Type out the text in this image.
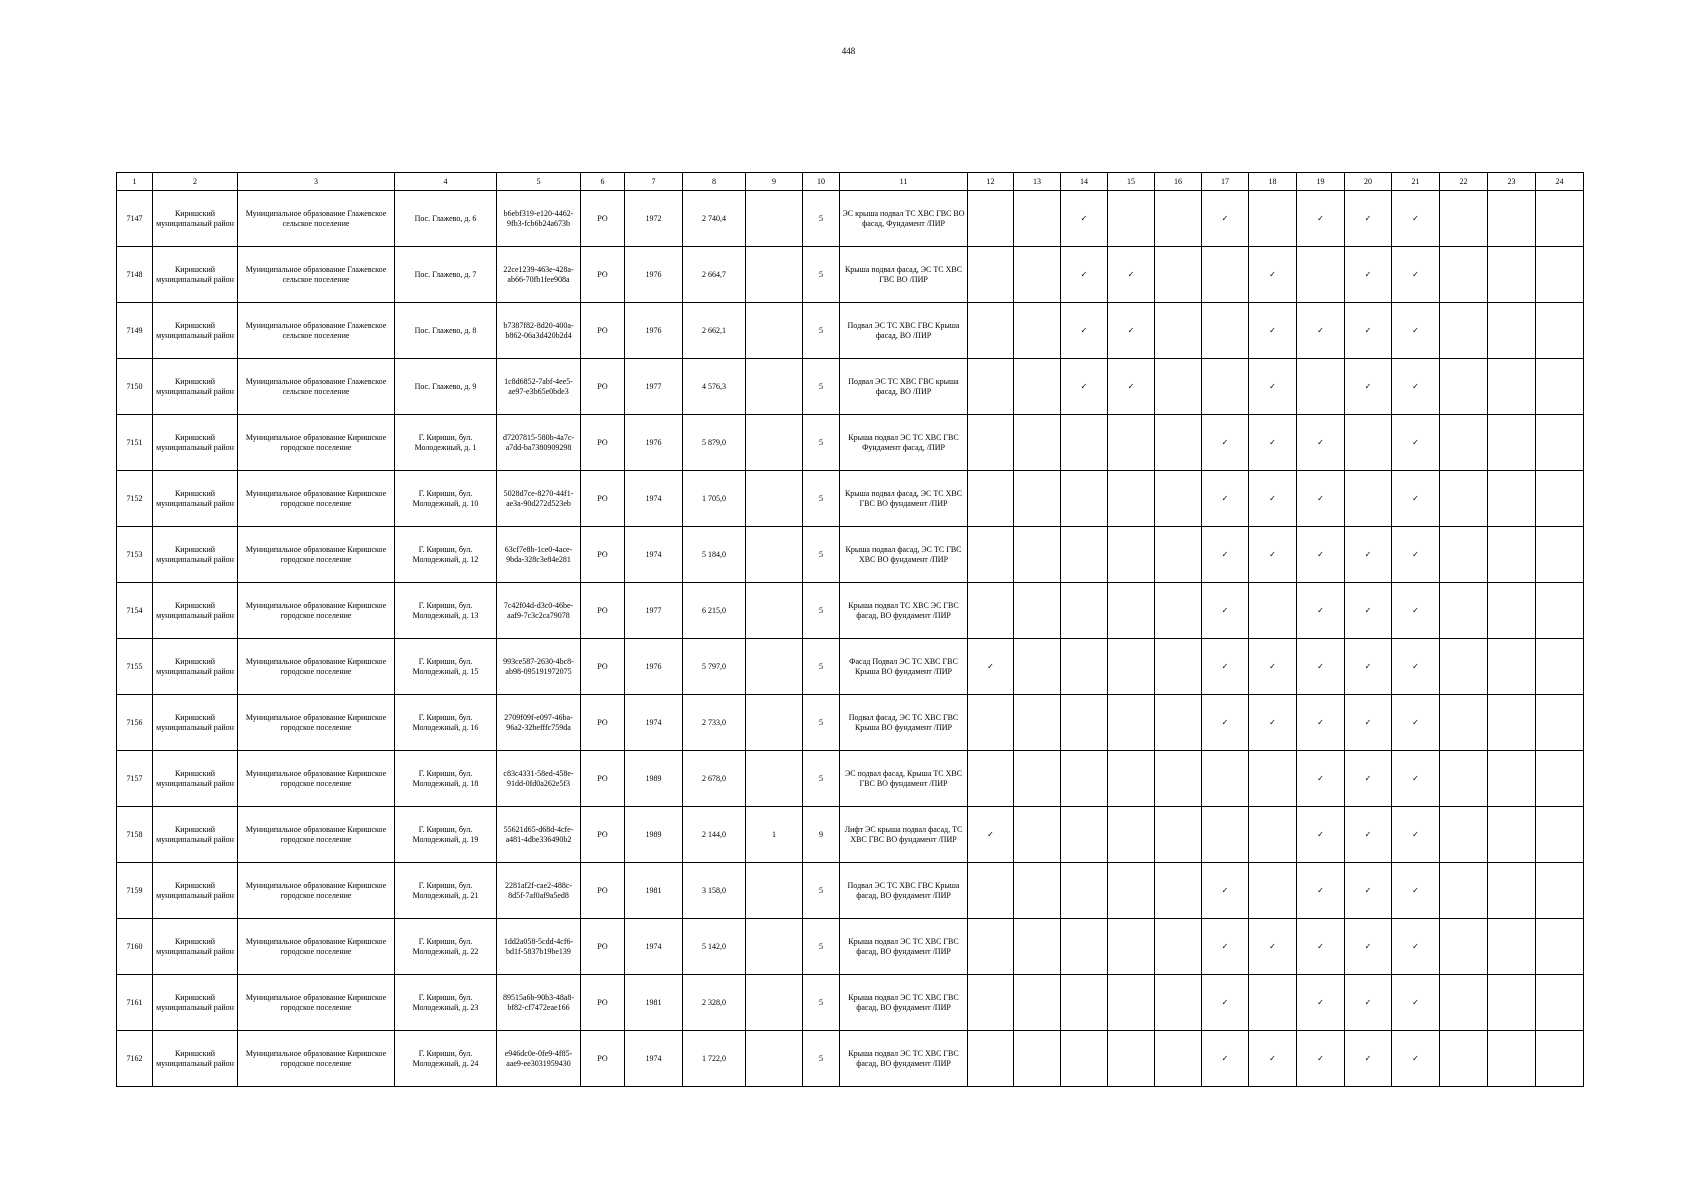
448
1	2	3	4	5	6	7	8	9	10	11	12	13	14	15	16	17	18	19	20	21	22	23	24
7147	Киришский муниципальный район	Муниципальное образование Глажевское сельское поселение	Пос. Глажево, д. 6	b6ebf319-e120-4462-9fb3-fcb6b24a673b	РО	1972	2 740,4		5	ЭС крыша подвал ТС ХВС ГВС ВО фасад, Фундамент /ПИР			✓			✓		✓	✓	✓			
7148	Киришский муниципальный район	Муниципальное образование Глажевское сельское поселение	Пос. Глажево, д. 7	22ce1239-463e-428a-ab66-70fb1fee908a	РО	1976	2 664,7		5	Крыша подвал фасад, ЭС ТС ХВС ГВС ВО /ПИР			✓	✓			✓		✓	✓			
7149	Киришский муниципальный район	Муниципальное образование Глажевское сельское поселение	Пос. Глажево, д. 8	b7387f82-8d20-400a-b862-06a3d420b2d4	РО	1976	2 662,1		5	Подвал ЭС ТС ХВС ГВС Крыша фасад, ВО /ПИР			✓	✓			✓	✓	✓	✓			
7150	Киришский муниципальный район	Муниципальное образование Глажевское сельское поселение	Пос. Глажево, д. 9	1c8d6852-7abf-4ee5-ae97-e3b65e0bde3	РО	1977	4 576,3		5	Подвал ЭС ТС ХВС ГВС крыша фасад, ВО /ПИР			✓	✓			✓		✓	✓			
7151	Киришский муниципальный район	Муниципальное образование Киришское городское поселение	Г. Кириши, бул. Молодежный, д. 1	d7207815-580b-4a7c-a7dd-ba7380909298	РО	1976	5 879,0		5	Крыша подвал ЭС ТС ХВС ГВС Фундамент фасад, /ПИР						✓	✓	✓		✓			
7152	Киришский муниципальный район	Муниципальное образование Киришское городское поселение	Г. Кириши, бул. Молодежный, д. 10	5028d7ce-8270-44f1-ae3a-90d272d523eb	РО	1974	1 705,0		5	Крыша подвал фасад, ЭС ТС ХВС ГВС ВО фундамент /ПИР						✓	✓	✓		✓			
7153	Киришский муниципальный район	Муниципальное образование Киришское городское поселение	Г. Кириши, бул. Молодежный, д. 12	63cf7e8b-1ce0-4ace-9bda-328c3e84e281	РО	1974	5 184,0		5	Крыша подвал фасад, ЭС ТС ГВС ХВС ВО фундамент /ПИР						✓	✓	✓	✓	✓			
7154	Киришский муниципальный район	Муниципальное образование Киришское городское поселение	Г. Кириши, бул. Молодежный, д. 13	7c42f04d-d3c0-46be-aaf9-7c3c2ca79078	РО	1977	6 215,0		5	Крыша подвал ТС ХВС ЭС ГВС фасад, ВО фундамент /ПИР						✓		✓	✓	✓			
7155	Киришский муниципальный район	Муниципальное образование Киришское городское поселение	Г. Кириши, бул. Молодежный, д. 15	993ce587-2630-4bc8-ab98-095191972075	РО	1976	5 797,0		5	Фасад Подвал ЭС ТС ХВС ГВС Крыша ВО фундамент /ПИР	✓					✓	✓	✓	✓	✓			
7156	Киришский муниципальный район	Муниципальное образование Киришское городское поселение	Г. Кириши, бул. Молодежный, д. 16	2709f09f-e097-46ba-96a2-32befffc759da	РО	1974	2 733,0		5	Подвал фасад, ЭС ТС ХВС ГВС Крыша ВО фундамент /ПИР						✓	✓	✓	✓	✓			
7157	Киришский муниципальный район	Муниципальное образование Киришское городское поселение	Г. Кириши, бул. Молодежный, д. 18	c83c4331-58ed-458e-91dd-0fd0a262e5f3	РО	1989	2 678,0		5	ЭС подвал фасад, Крыша ТС ХВС ГВС ВО фундамент /ПИР								✓	✓	✓			
7158	Киришский муниципальный район	Муниципальное образование Киришское городское поселение	Г. Кириши, бул. Молодежный, д. 19	55621d65-d68d-4cfe-a481-4dbe336490b2	РО	1989	2 144,0	1	9	Лифт ЭС крыша подвал фасад, ТС ХВС ГВС ВО фундамент /ПИР	✓							✓	✓	✓			
7159	Киришский муниципальный район	Муниципальное образование Киришское городское поселение	Г. Кириши, бул. Молодежный, д. 21	2281af2f-cae2-488c-8d5f-7af0af9a5ed8	РО	1981	3 158,0		5	Подвал ЭС ТС ХВС ГВС Крыша фасад, ВО фундамент /ПИР						✓		✓	✓	✓			
7160	Киришский муниципальный район	Муниципальное образование Киришское городское поселение	Г. Кириши, бул. Молодежный, д. 22	1dd2a058-5cdd-4cf6-bd1f-5837b19be139	РО	1974	5 142,0		5	Крыша подвал ЭС ТС ХВС ГВС фасад, ВО фундамент /ПИР						✓	✓	✓	✓	✓			
7161	Киришский муниципальный район	Муниципальное образование Киришское городское поселение	Г. Кириши, бул. Молодежный, д. 23	89515a6b-90b3-48a8-bf82-cf7472eae166	РО	1981	2 328,0		5	Крыша подвал ЭС ТС ХВС ГВС фасад, ВО фундамент /ПИР						✓		✓	✓	✓			
7162	Киришский муниципальный район	Муниципальное образование Киришское городское поселение	Г. Кириши, бул. Молодежный, д. 24	e946dc0e-0fe9-4f85-aae9-ee3031959430	РО	1974	1 722,0		5	Крыша подвал ЭС ТС ХВС ГВС фасад, ВО фундамент /ПИР						✓	✓	✓	✓	✓			
